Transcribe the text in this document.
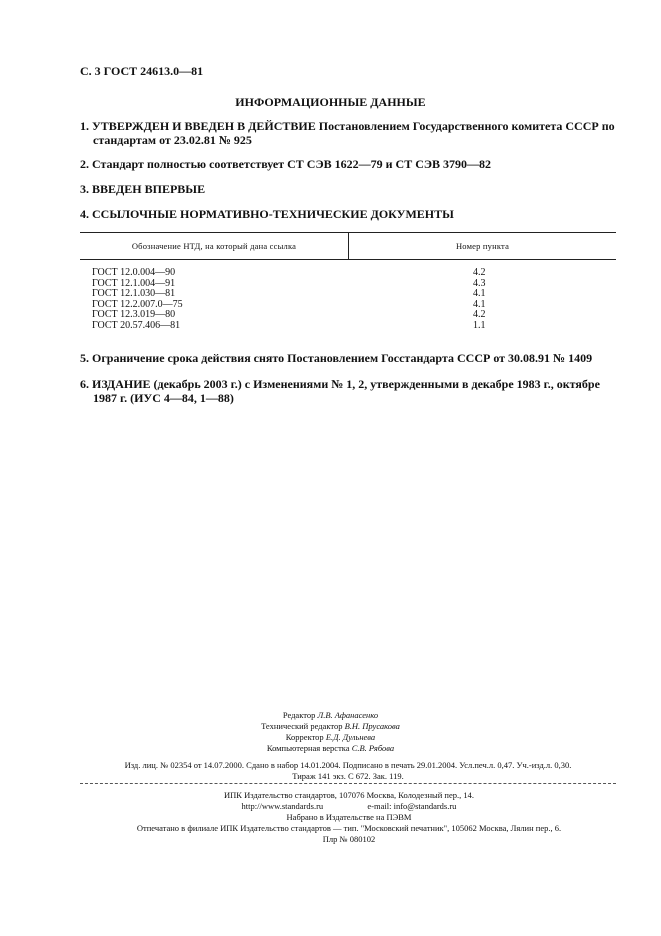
С. 3 ГОСТ 24613.0—81
ИНФОРМАЦИОННЫЕ ДАННЫЕ
1. УТВЕРЖДЕН И ВВЕДЕН В ДЕЙСТВИЕ Постановлением Государственного комитета СССР по
стандартам от 23.02.81 № 925
2. Стандарт полностью соответствует СТ СЭВ 1622—79 и СТ СЭВ 3790—82
3. ВВЕДЕН ВПЕРВЫЕ
4. ССЫЛОЧНЫЕ НОРМАТИВНО-ТЕХНИЧЕСКИЕ ДОКУМЕНТЫ
Обозначение НТД, на который дана ссылка	Номер пункта
ГОСТ 12.0.004—90	4.2
ГОСТ 12.1.004—91	4.3
ГОСТ 12.1.030—81	4.1
ГОСТ 12.2.007.0—75	4.1
ГОСТ 12.3.019—80	4.2
ГОСТ 20.57.406—81	1.1
5. Ограничение срока действия снято Постановлением Госстандарта СССР от 30.08.91 № 1409
6. ИЗДАНИЕ (декабрь 2003 г.) с Изменениями № 1, 2, утвержденными в декабре 1983 г., октябре
1987 г. (ИУС 4—84, 1—88)
Редактор Л.В. Афанасенко
Технический редактор В.Н. Прусакова
Корректор Е.Д. Дульнева
Компьютерная верстка С.В. Рябова
Изд. лиц. № 02354 от 14.07.2000. Сдано в набор 14.01.2004. Подписано в печать 29.01.2004. Усл.печ.л. 0,47. Уч.-изд.л. 0,30.
Тираж 141 экз. С 672. Зак. 119.
ИПК Издательство стандартов, 107076 Москва, Колодезный пер., 14.
http://www.standards.ru	e-mail: info@standards.ru
Набрано в Издательстве на ПЭВМ
Отпечатано в филиале ИПК Издательство стандартов — тип. "Московский печатник", 105062 Москва, Лялин пер., 6.
Плр № 080102
